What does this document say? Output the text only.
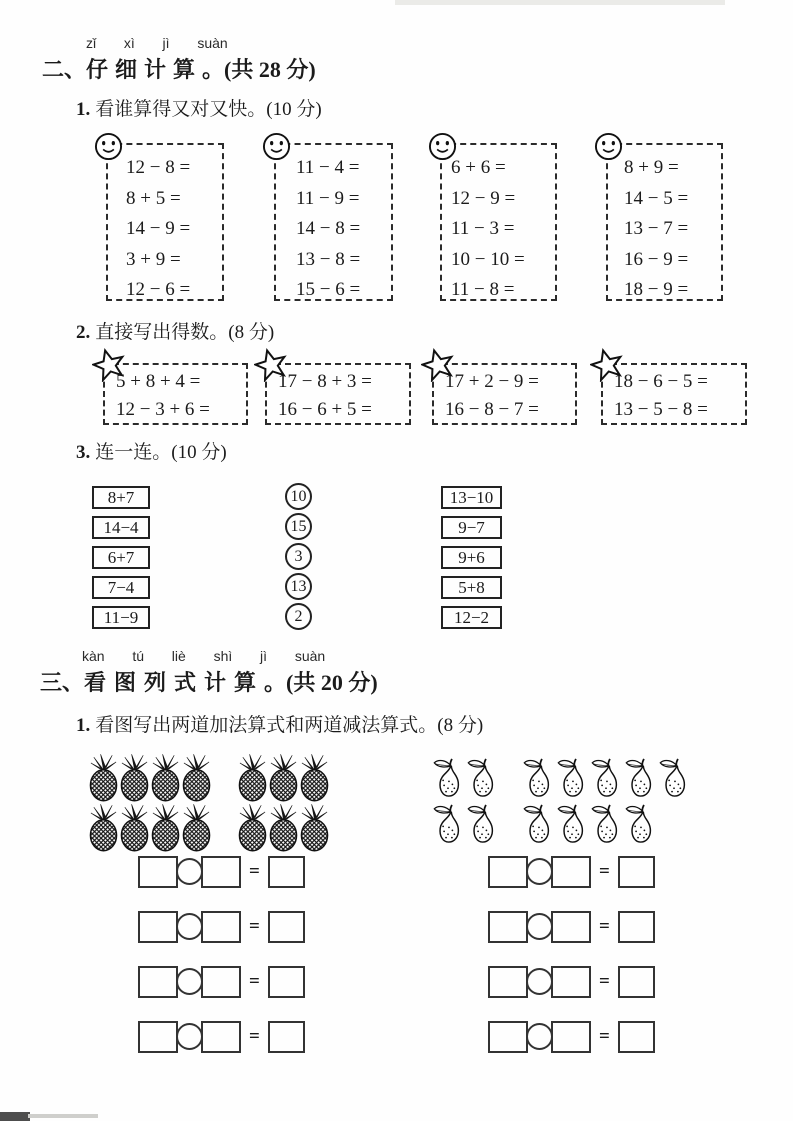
zǐ  xì  jì  suàn
二、仔细计算。(共 28 分)
1. 看谁算得又对又快。(10 分)

12 − 8 =

8 + 5 =

14 − 9 =

3 + 9 =

12 − 6 =

11 − 4 =

11 − 9 =

14 − 8 =

13 − 8 =

15 − 6 =

6 + 6 =

12 − 9 =

11 − 3 =

10 − 10 =

11 − 8 =

8 + 9 =

14 − 5 =

13 − 7 =

16 − 9 =

18 − 9 =

2. 直接写出得数。(8 分)

5 + 8 + 4 =

12 − 3 + 6 =

17 − 8 + 3 =

16 − 6 + 5 =

17 + 2 − 9 =

16 − 8 − 7 =

18 − 6 − 5 =

13 − 5 − 8 =

3. 连一连。(10 分)
8+7
14−4
6+7
7−4
11−9
10
15
3
13
2
13−10
9−7
9+6
5+8
12−2
kàn  tú  liè  shì  jì  suàn
三、看图列式计算。(共 20 分)
1. 看图写出两道加法算式和两道减法算式。(8 分)
=
=
=
=
=
=
=
=
